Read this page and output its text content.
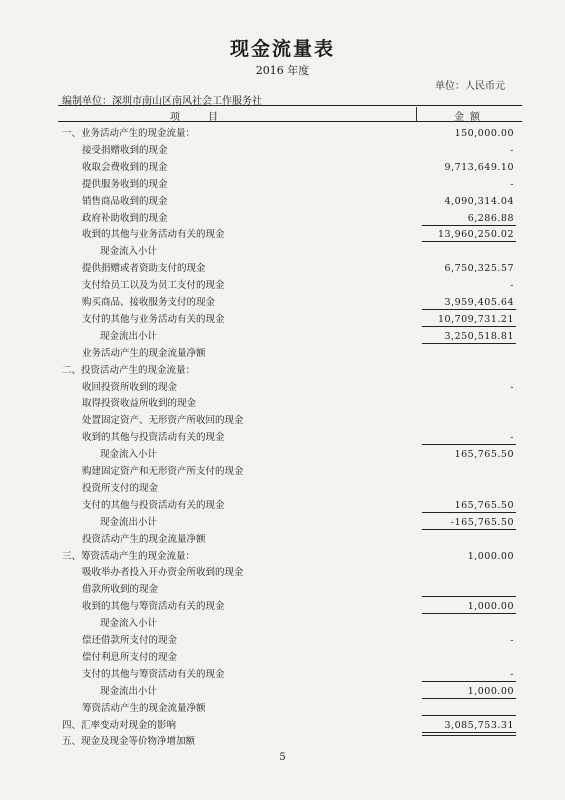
现金流量表
2016 年度
单位：人民币元
编制单位：深圳市南山区南风社会工作服务社
项目	金额
一、业务活动产生的现金流量：	150,000.00
接受捐赠收到的现金	-
收取会费收到的现金	9,713,649.10
提供服务收到的现金	-
销售商品收到的现金	4,090,314.04
政府补助收到的现金	6,286.88
收到的其他与业务活动有关的现金	13,960,250.02
现金流入小计
提供捐赠或者资助支付的现金	6,750,325.57
支付给员工以及为员工支付的现金	-
购买商品、接收服务支付的现金	3,959,405.64
支付的其他与业务活动有关的现金	10,709,731.21
现金流出小计	3,250,518.81
业务活动产生的现金流量净额
二、投资活动产生的现金流量：
收回投资所收到的现金	-
取得投资收益所收到的现金
处置固定资产、无形资产所收回的现金
收到的其他与投资活动有关的现金	-
现金流入小计	165,765.50
购建固定资产和无形资产所支付的现金
投资所支付的现金
支付的其他与投资活动有关的现金	165,765.50
现金流出小计	-165,765.50
投资活动产生的现金流量净额
三、筹资活动产生的现金流量：	1,000.00
吸收举办者投入开办资金所收到的现金
借款所收到的现金
收到的其他与筹资活动有关的现金	1,000.00
现金流入小计
偿还借款所支付的现金	-
偿付利息所支付的现金
支付的其他与筹资活动有关的现金	-
现金流出小计	1,000.00
筹资活动产生的现金流量净额
四、汇率变动对现金的影响	3,085,753.31
五、现金及现金等价物净增加额
5
